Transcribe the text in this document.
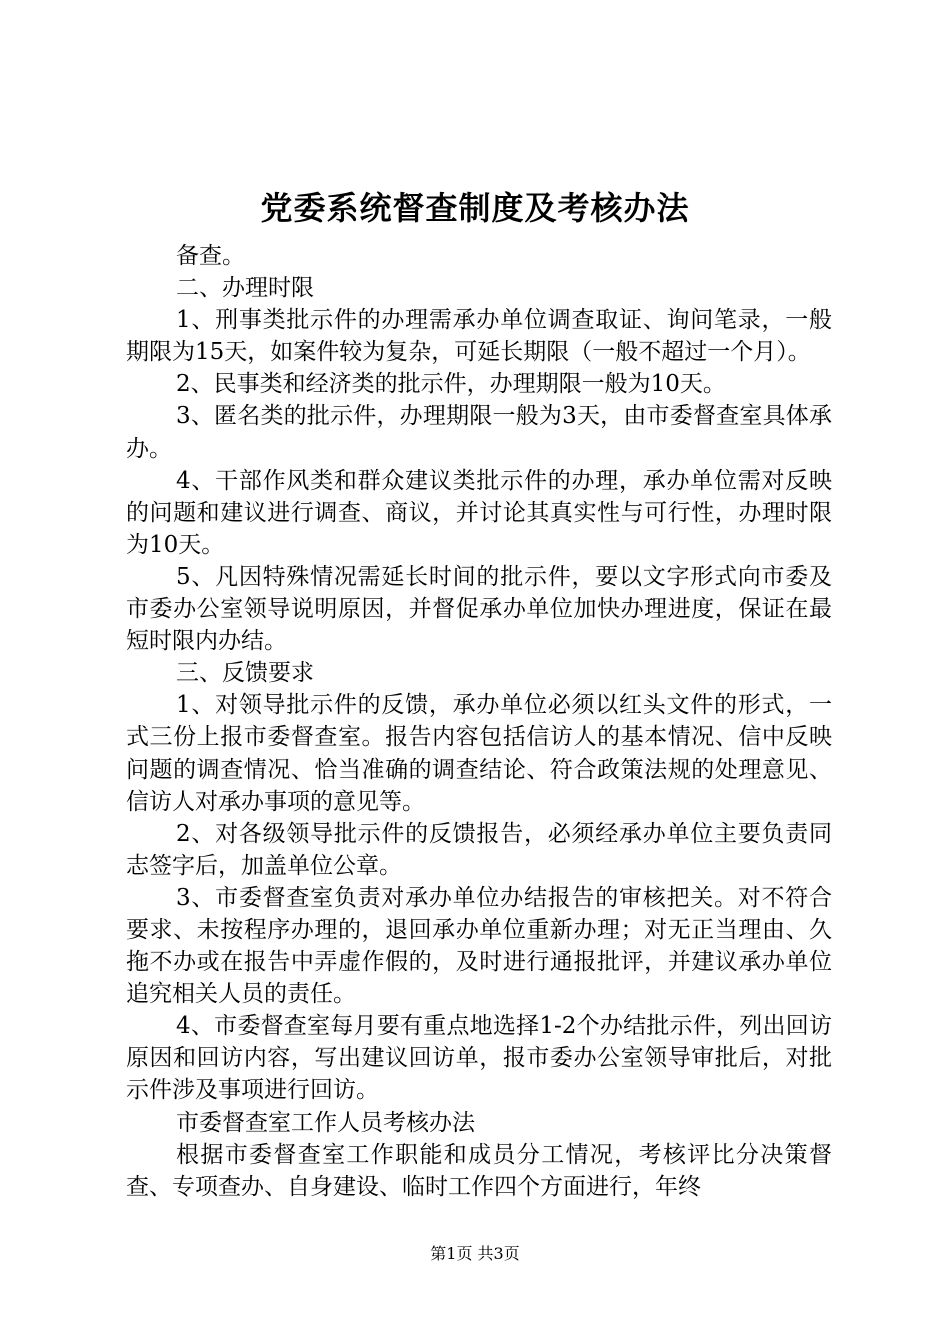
党委系统督查制度及考核办法

备查。

二、办理时限

1、刑事类批示件的办理需承办单位调查取证、询问笔录，一般期限为15天，如案件较为复杂，可延长期限（一般不超过一个月）。

2、民事类和经济类的批示件，办理期限一般为10天。

3、匿名类的批示件，办理期限一般为3天，由市委督查室具体承办。

4、干部作风类和群众建议类批示件的办理，承办单位需对反映的问题和建议进行调查、商议，并讨论其真实性与可行性，办理时限为10天。

5、凡因特殊情况需延长时间的批示件，要以文字形式向市委及市委办公室领导说明原因，并督促承办单位加快办理进度，保证在最短时限内办结。

三、反馈要求

1、对领导批示件的反馈，承办单位必须以红头文件的形式，一式三份上报市委督查室。报告内容包括信访人的基本情况、信中反映问题的调查情况、恰当准确的调查结论、符合政策法规的处理意见、信访人对承办事项的意见等。

2、对各级领导批示件的反馈报告，必须经承办单位主要负责同志签字后，加盖单位公章。

3、市委督查室负责对承办单位办结报告的审核把关。对不符合要求、未按程序办理的，退回承办单位重新办理；对无正当理由、久拖不办或在报告中弄虚作假的，及时进行通报批评，并建议承办单位追究相关人员的责任。

4、市委督查室每月要有重点地选择1-2个办结批示件，列出回访原因和回访内容，写出建议回访单，报市委办公室领导审批后，对批示件涉及事项进行回访。

市委督查室工作人员考核办法

根据市委督查室工作职能和成员分工情况，考核评比分决策督查、专项查办、自身建设、临时工作四个方面进行，年终

第1页 共3页
